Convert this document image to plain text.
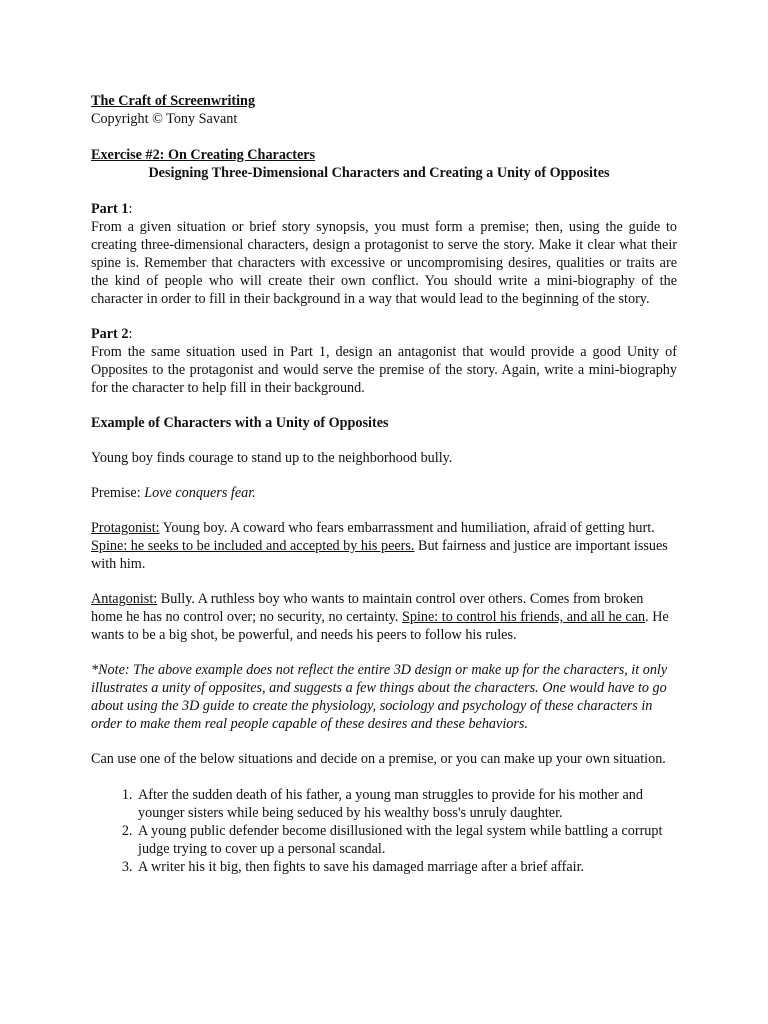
The Craft of Screenwriting

Copyright © Tony Savant

Exercise #2: On Creating Characters

Designing Three-Dimensional Characters and Creating a Unity of Opposites

Part 1:

From a given situation or brief story synopsis, you must form a premise; then, using the guide to creating three-dimensional characters, design a protagonist to serve the story. Make it clear what their spine is. Remember that characters with excessive or uncompromising desires, qualities or traits are the kind of people who will create their own conflict. You should write a mini-biography of the character in order to fill in their background in a way that would lead to the beginning of the story.

Part 2:

From the same situation used in Part 1, design an antagonist that would provide a good Unity of Opposites to the protagonist and would serve the premise of the story. Again, write a mini-biography for the character to help fill in their background.

Example of Characters with a Unity of Opposites

Young boy finds courage to stand up to the neighborhood bully.

Premise: Love conquers fear.

Protagonist: Young boy. A coward who fears embarrassment and humiliation, afraid of getting hurt. Spine: he seeks to be included and accepted by his peers. But fairness and justice are important issues with him.

Antagonist: Bully. A ruthless boy who wants to maintain control over others. Comes from broken home he has no control over; no security, no certainty. Spine: to control his friends, and all he can. He wants to be a big shot, be powerful, and needs his peers to follow his rules.

*Note: The above example does not reflect the entire 3D design or make up for the characters, it only illustrates a unity of opposites, and suggests a few things about the characters. One would have to go about using the 3D guide to create the physiology, sociology and psychology of these characters in order to make them real people capable of these desires and these behaviors.

Can use one of the below situations and decide on a premise, or you can make up your own situation.

1. After the sudden death of his father, a young man struggles to provide for his mother and younger sisters while being seduced by his wealthy boss's unruly daughter.
2. A young public defender become disillusioned with the legal system while battling a corrupt judge trying to cover up a personal scandal.
3. A writer his it big, then fights to save his damaged marriage after a brief affair.
